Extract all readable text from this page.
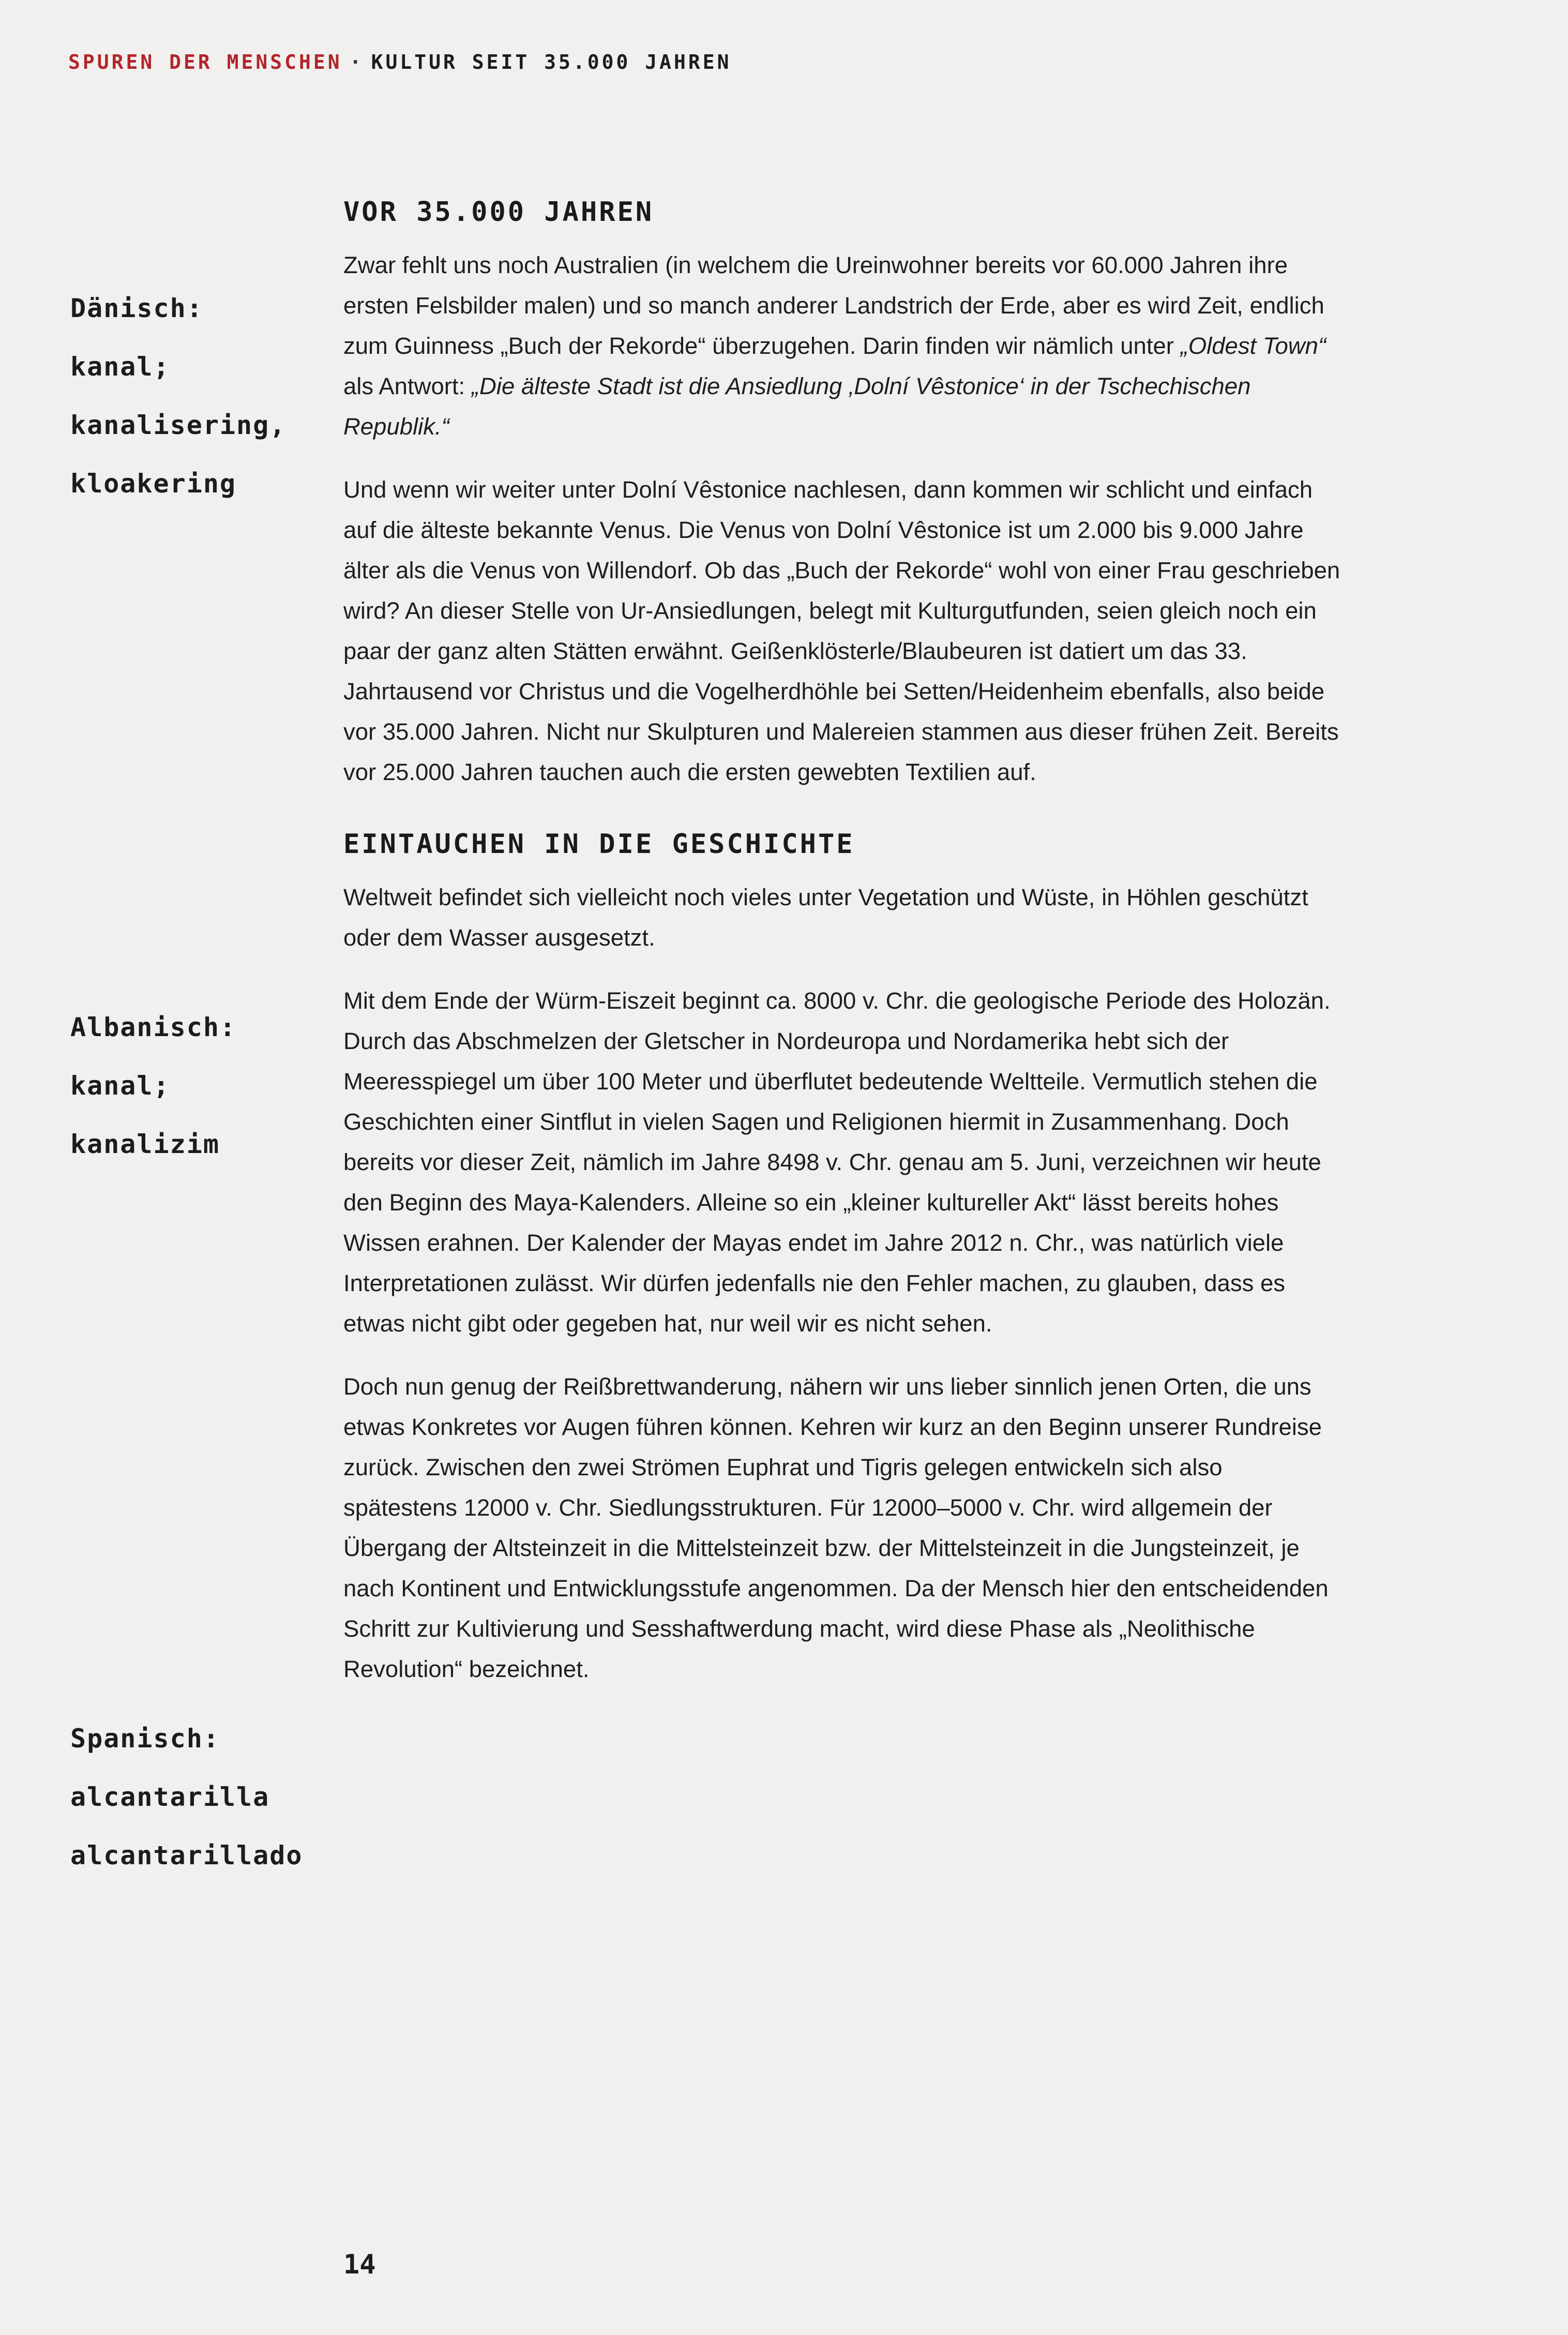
SPUREN DER MENSCHEN · KULTUR SEIT 35.000 JAHREN
Dänisch:
kanal;
kanalisering,
kloakering
Albanisch:
kanal;
kanalizim
Spanisch:
alcantarilla
alcantarillado
VOR 35.000 JAHREN

Zwar fehlt uns noch Australien (in welchem die Ureinwohner bereits vor 60.000 Jahren ihre ersten Felsbilder malen) und so manch anderer Landstrich der Erde, aber es wird Zeit, endlich zum Guinness „Buch der Rekorde“ überzugehen. Darin finden wir nämlich unter „Oldest Town“ als Antwort: „Die älteste Stadt ist die Ansiedlung ‚Dolní Vêstonice‘ in der Tschechischen Republik.“

Und wenn wir weiter unter Dolní Vêstonice nachlesen, dann kommen wir schlicht und einfach auf die älteste bekannte Venus. Die Venus von Dolní Vêstonice ist um 2.000 bis 9.000 Jahre älter als die Venus von Willendorf. Ob das „Buch der Rekorde“ wohl von einer Frau geschrieben wird? An dieser Stelle von Ur-Ansiedlungen, belegt mit Kulturgutfunden, seien gleich noch ein paar der ganz alten Stätten erwähnt. Geißenklösterle/Blaubeuren ist datiert um das 33. Jahrtausend vor Christus und die Vogelherdhöhle bei Setten/Heidenheim ebenfalls, also beide vor 35.000 Jahren. Nicht nur Skulpturen und Malereien stammen aus dieser frühen Zeit. Bereits vor 25.000 Jahren tauchen auch die ersten gewebten Textilien auf.

EINTAUCHEN IN DIE GESCHICHTE

Weltweit befindet sich vielleicht noch vieles unter Vegetation und Wüste, in Höhlen geschützt oder dem Wasser ausgesetzt.

Mit dem Ende der Würm-Eiszeit beginnt ca. 8000 v. Chr. die geologische Periode des Holozän. Durch das Abschmelzen der Gletscher in Nordeuropa und Nordamerika hebt sich der Meeresspiegel um über 100 Meter und überflutet bedeutende Weltteile. Vermutlich stehen die Geschichten einer Sintflut in vielen Sagen und Religionen hiermit in Zusammenhang. Doch bereits vor dieser Zeit, nämlich im Jahre 8498 v. Chr. genau am 5. Juni, verzeichnen wir heute den Beginn des Maya-Kalenders. Alleine so ein „kleiner kultureller Akt“ lässt bereits hohes Wissen erahnen. Der Kalender der Mayas endet im Jahre 2012 n. Chr., was natürlich viele Interpretationen zulässt. Wir dürfen jedenfalls nie den Fehler machen, zu glauben, dass es etwas nicht gibt oder gegeben hat, nur weil wir es nicht sehen.

Doch nun genug der Reißbrettwanderung, nähern wir uns lieber sinnlich jenen Orten, die uns etwas Konkretes vor Augen führen können. Kehren wir kurz an den Beginn unserer Rundreise zurück. Zwischen den zwei Strömen Euphrat und Tigris gelegen entwickeln sich also spätestens 12000 v. Chr. Siedlungsstrukturen. Für 12000–5000 v. Chr. wird allgemein der Übergang der Altsteinzeit in die Mittelsteinzeit bzw. der Mittelsteinzeit in die Jungsteinzeit, je nach Kontinent und Entwicklungsstufe angenommen. Da der Mensch hier den entscheidenden Schritt zur Kultivierung und Sesshaftwerdung macht, wird diese Phase als „Neolithische Revolution“ bezeichnet.

14
